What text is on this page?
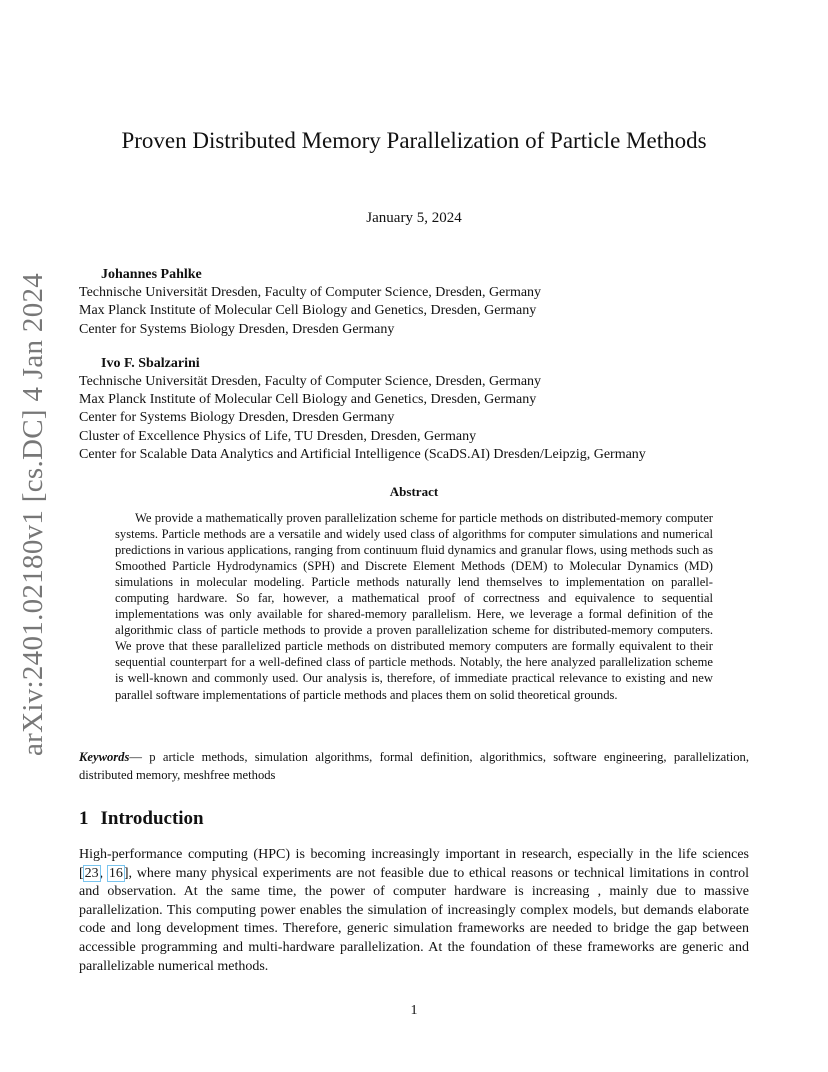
arXiv:2401.02180v1 [cs.DC] 4 Jan 2024
Proven Distributed Memory Parallelization of Particle Methods
January 5, 2024
Johannes Pahlke
Technische Universität Dresden, Faculty of Computer Science, Dresden, Germany
Max Planck Institute of Molecular Cell Biology and Genetics, Dresden, Germany
Center for Systems Biology Dresden, Dresden Germany
Ivo F. Sbalzarini
Technische Universität Dresden, Faculty of Computer Science, Dresden, Germany
Max Planck Institute of Molecular Cell Biology and Genetics, Dresden, Germany
Center for Systems Biology Dresden, Dresden Germany
Cluster of Excellence Physics of Life, TU Dresden, Dresden, Germany
Center for Scalable Data Analytics and Artificial Intelligence (ScaDS.AI) Dresden/Leipzig, Germany
Abstract
We provide a mathematically proven parallelization scheme for particle methods on distributed-memory computer systems. Particle methods are a versatile and widely used class of algorithms for computer simulations and numerical predictions in various applications, ranging from continuum fluid dynamics and granular flows, using methods such as Smoothed Particle Hydrodynamics (SPH) and Discrete Element Methods (DEM) to Molecular Dynamics (MD) simulations in molecular modeling. Particle methods naturally lend themselves to implementation on parallel-computing hardware. So far, however, a mathematical proof of correctness and equivalence to sequential implementations was only available for shared-memory parallelism. Here, we leverage a formal definition of the algorithmic class of particle methods to provide a proven parallelization scheme for distributed-memory computers. We prove that these parallelized particle methods on distributed memory computers are formally equivalent to their sequential counterpart for a well-defined class of particle methods. Notably, the here analyzed parallelization scheme is well-known and commonly used. Our analysis is, therefore, of immediate practical relevance to existing and new parallel software implementations of particle methods and places them on solid theoretical grounds.
Keywords— p article methods, simulation algorithms, formal definition, algorithmics, software engineering, parallelization, distributed memory, meshfree methods
1 Introduction
High-performance computing (HPC) is becoming increasingly important in research, especially in the life sciences [23, 16], where many physical experiments are not feasible due to ethical reasons or technical limitations in control and observation. At the same time, the power of computer hardware is increasing , mainly due to massive parallelization. This computing power enables the simulation of increasingly complex models, but demands elaborate code and long development times. Therefore, generic simulation frameworks are needed to bridge the gap between accessible programming and multi-hardware parallelization. At the foundation of these frameworks are generic and parallelizable numerical methods.
1
